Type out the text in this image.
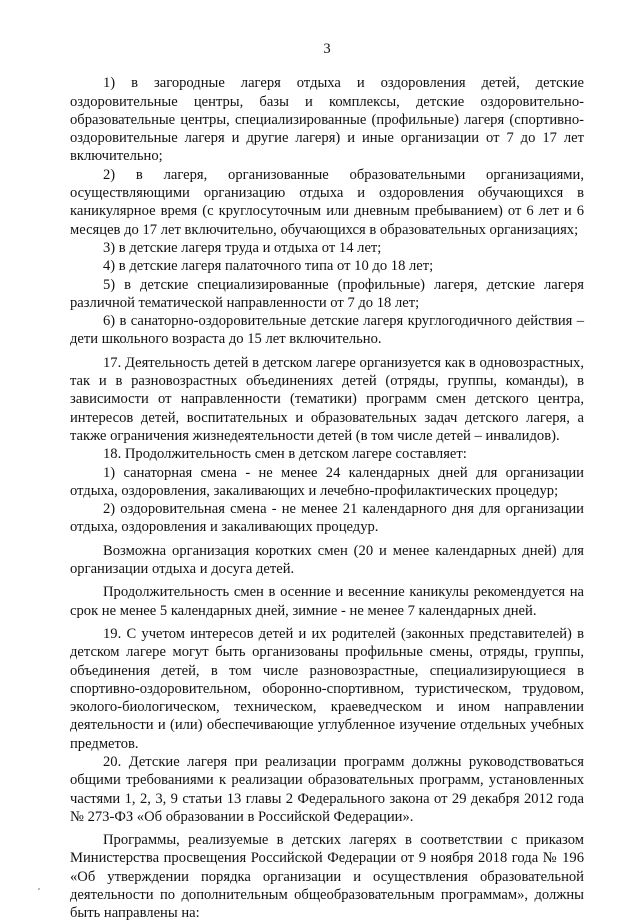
3

1) в загородные лагеря отдыха и оздоровления детей, детские оздоровительные центры, базы и комплексы, детские оздоровительно-образовательные центры, специализированные (профильные) лагеря (спортивно-оздоровительные лагеря и другие лагеря) и иные организации от 7 до 17 лет включительно;

2) в лагеря, организованные образовательными организациями, осуществляющими организацию отдыха и оздоровления обучающихся в каникулярное время (с круглосуточным или дневным пребыванием) от 6 лет и 6 месяцев до 17 лет включительно, обучающихся в образовательных организациях;

3) в детские лагеря труда и отдыха от 14 лет;

4) в детские лагеря палаточного типа от 10 до 18 лет;

5) в детские специализированные (профильные) лагеря, детские лагеря различной тематической направленности от 7 до 18 лет;

6) в санаторно-оздоровительные детские лагеря круглогодичного действия – дети школьного возраста до 15 лет включительно.

17. Деятельность детей в детском лагере организуется как в одновозрастных, так и в разновозрастных объединениях детей (отряды, группы, команды), в зависимости от направленности (тематики) программ смен детского центра, интересов детей, воспитательных и образовательных задач детского лагеря, а также ограничения жизнедеятельности детей (в том числе детей – инвалидов).

18. Продолжительность смен в детском лагере составляет:

1) санаторная смена - не менее 24 календарных дней для организации отдыха, оздоровления, закаливающих и лечебно-профилактических процедур;

2) оздоровительная смена - не менее 21 календарного дня для организации отдыха, оздоровления и закаливающих процедур.

Возможна организация коротких смен (20 и менее календарных дней) для организации отдыха и досуга детей.

Продолжительность смен в осенние и весенние каникулы рекомендуется на срок не менее 5 календарных дней, зимние - не менее 7 календарных дней.

19. С учетом интересов детей и их родителей (законных представителей) в детском лагере могут быть организованы профильные смены, отряды, группы, объединения детей, в том числе разновозрастные, специализирующиеся в спортивно-оздоровительном, оборонно-спортивном, туристическом, трудовом, эколого-биологическом, техническом, краеведческом и ином направлении деятельности и (или) обеспечивающие углубленное изучение отдельных учебных предметов.

20. Детские лагеря при реализации программ должны руководствоваться общими требованиями к реализации образовательных программ, установленных частями 1, 2, 3, 9 статьи 13 главы 2 Федерального закона от 29 декабря 2012 года № 273-ФЗ «Об образовании в Российской Федерации».

Программы, реализуемые в детских лагерях в соответствии с приказом Министерства просвещения Российской Федерации от 9 ноября 2018 года № 196 «Об утверждении порядка организации и осуществления образовательной деятельности по дополнительным общеобразовательным программам», должны быть направлены на:
